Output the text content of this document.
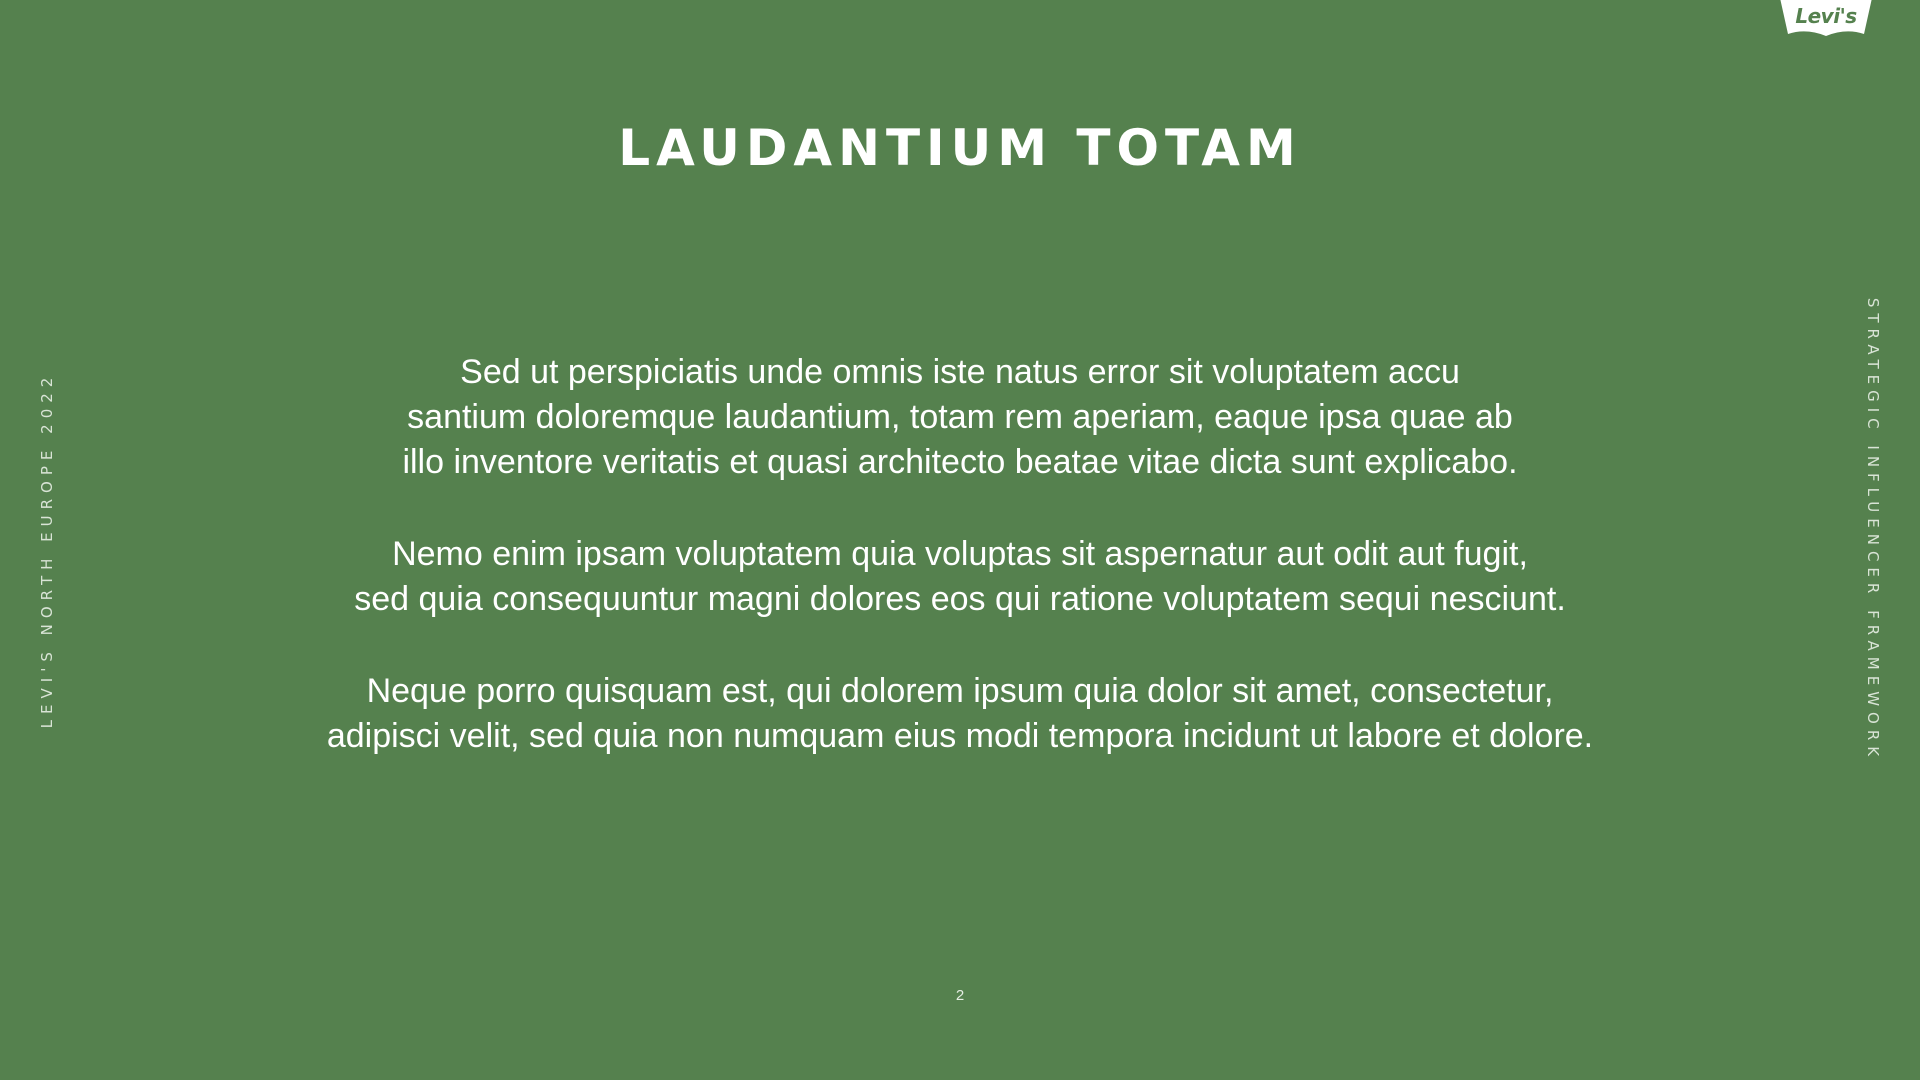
Levi's ®
LAUDANTIUM TOTAM

Sed ut perspiciatis unde omnis iste natus error sit voluptatem accu
santium doloremque laudantium, totam rem aperiam, eaque ipsa quae ab
illo inventore veritatis et quasi architecto beatae vitae dicta sunt explicabo.

Nemo enim ipsam voluptatem quia voluptas sit aspernatur aut odit aut fugit,
sed quia consequuntur magni dolores eos qui ratione voluptatem sequi nesciunt.

Neque porro quisquam est, qui dolorem ipsum quia dolor sit amet, consectetur,
adipisci velit, sed quia non numquam eius modi tempora incidunt ut labore et dolore.

LEVI'S NORTH EUROPE 2022	STRATEGIC INFLUENCER FRAMEWORK
2
